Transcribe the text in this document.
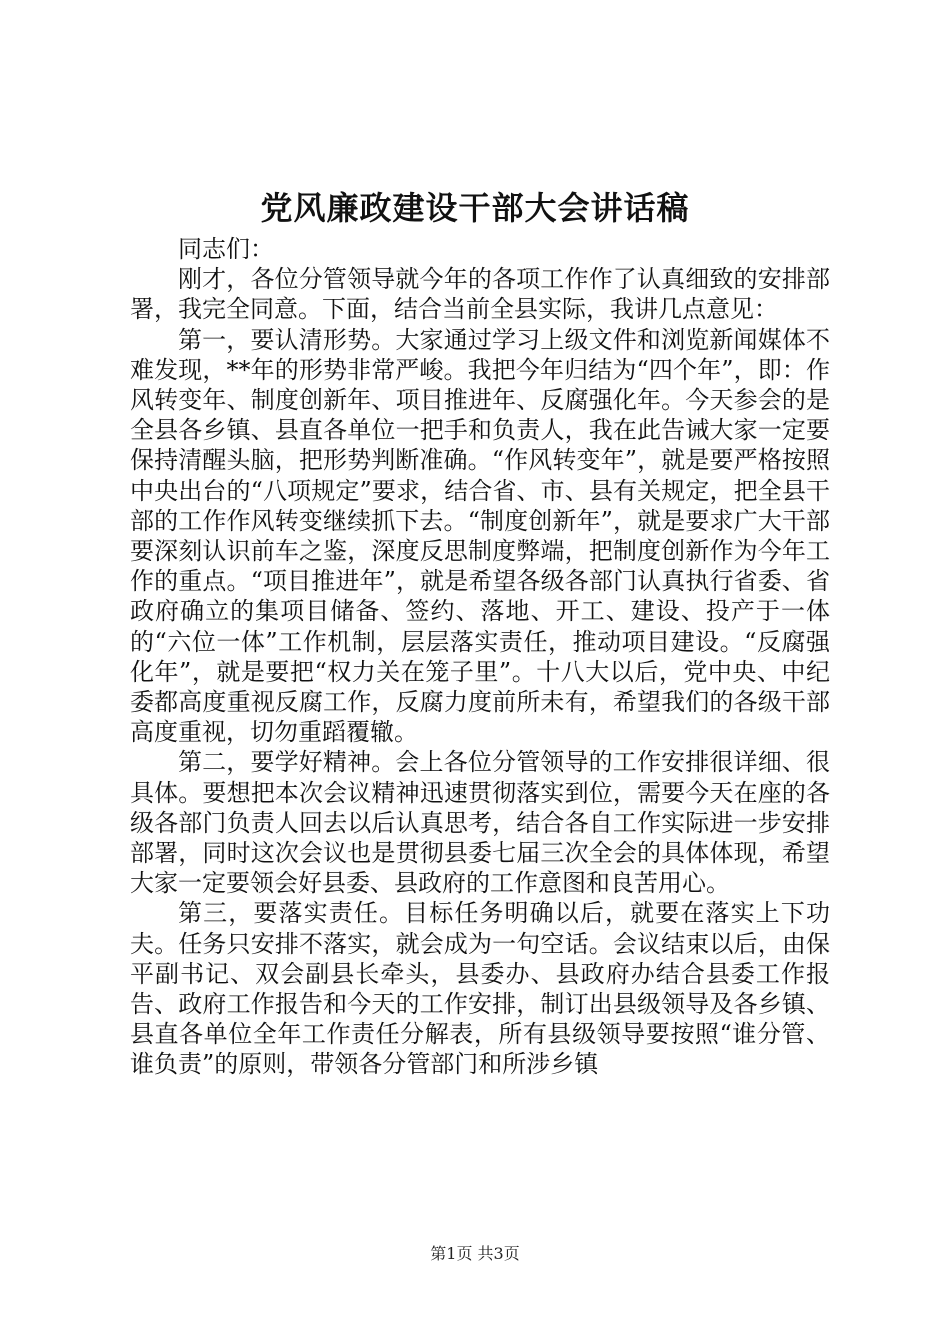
党风廉政建设干部大会讲话稿

同志们：

刚才，各位分管领导就今年的各项工作作了认真细致的安排部署，我完全同意。下面，结合当前全县实际，我讲几点意见：

第一，要认清形势。大家通过学习上级文件和浏览新闻媒体不难发现，**年的形势非常严峻。我把今年归结为“四个年”，即：作风转变年、制度创新年、项目推进年、反腐强化年。今天参会的是全县各乡镇、县直各单位一把手和负责人，我在此告诫大家一定要保持清醒头脑，把形势判断准确。“作风转变年”，就是要严格按照中央出台的“八项规定”要求，结合省、市、县有关规定，把全县干部的工作作风转变继续抓下去。“制度创新年”，就是要求广大干部要深刻认识前车之鉴，深度反思制度弊端，把制度创新作为今年工作的重点。“项目推进年”，就是希望各级各部门认真执行省委、省政府确立的集项目储备、签约、落地、开工、建设、投产于一体的“六位一体”工作机制，层层落实责任，推动项目建设。“反腐强化年”，就是要把“权力关在笼子里”。十八大以后，党中央、中纪委都高度重视反腐工作，反腐力度前所未有，希望我们的各级干部高度重视，切勿重蹈覆辙。

第二，要学好精神。会上各位分管领导的工作安排很详细、很具体。要想把本次会议精神迅速贯彻落实到位，需要今天在座的各级各部门负责人回去以后认真思考，结合各自工作实际进一步安排部署，同时这次会议也是贯彻县委七届三次全会的具体体现，希望大家一定要领会好县委、县政府的工作意图和良苦用心。

第三，要落实责任。目标任务明确以后，就要在落实上下功夫。任务只安排不落实，就会成为一句空话。会议结束以后，由保平副书记、双会副县长牵头，县委办、县政府办结合县委工作报告、政府工作报告和今天的工作安排，制订出县级领导及各乡镇、县直各单位全年工作责任分解表，所有县级领导要按照“谁分管、谁负责”的原则，带领各分管部门和所涉乡镇

第1页 共3页
